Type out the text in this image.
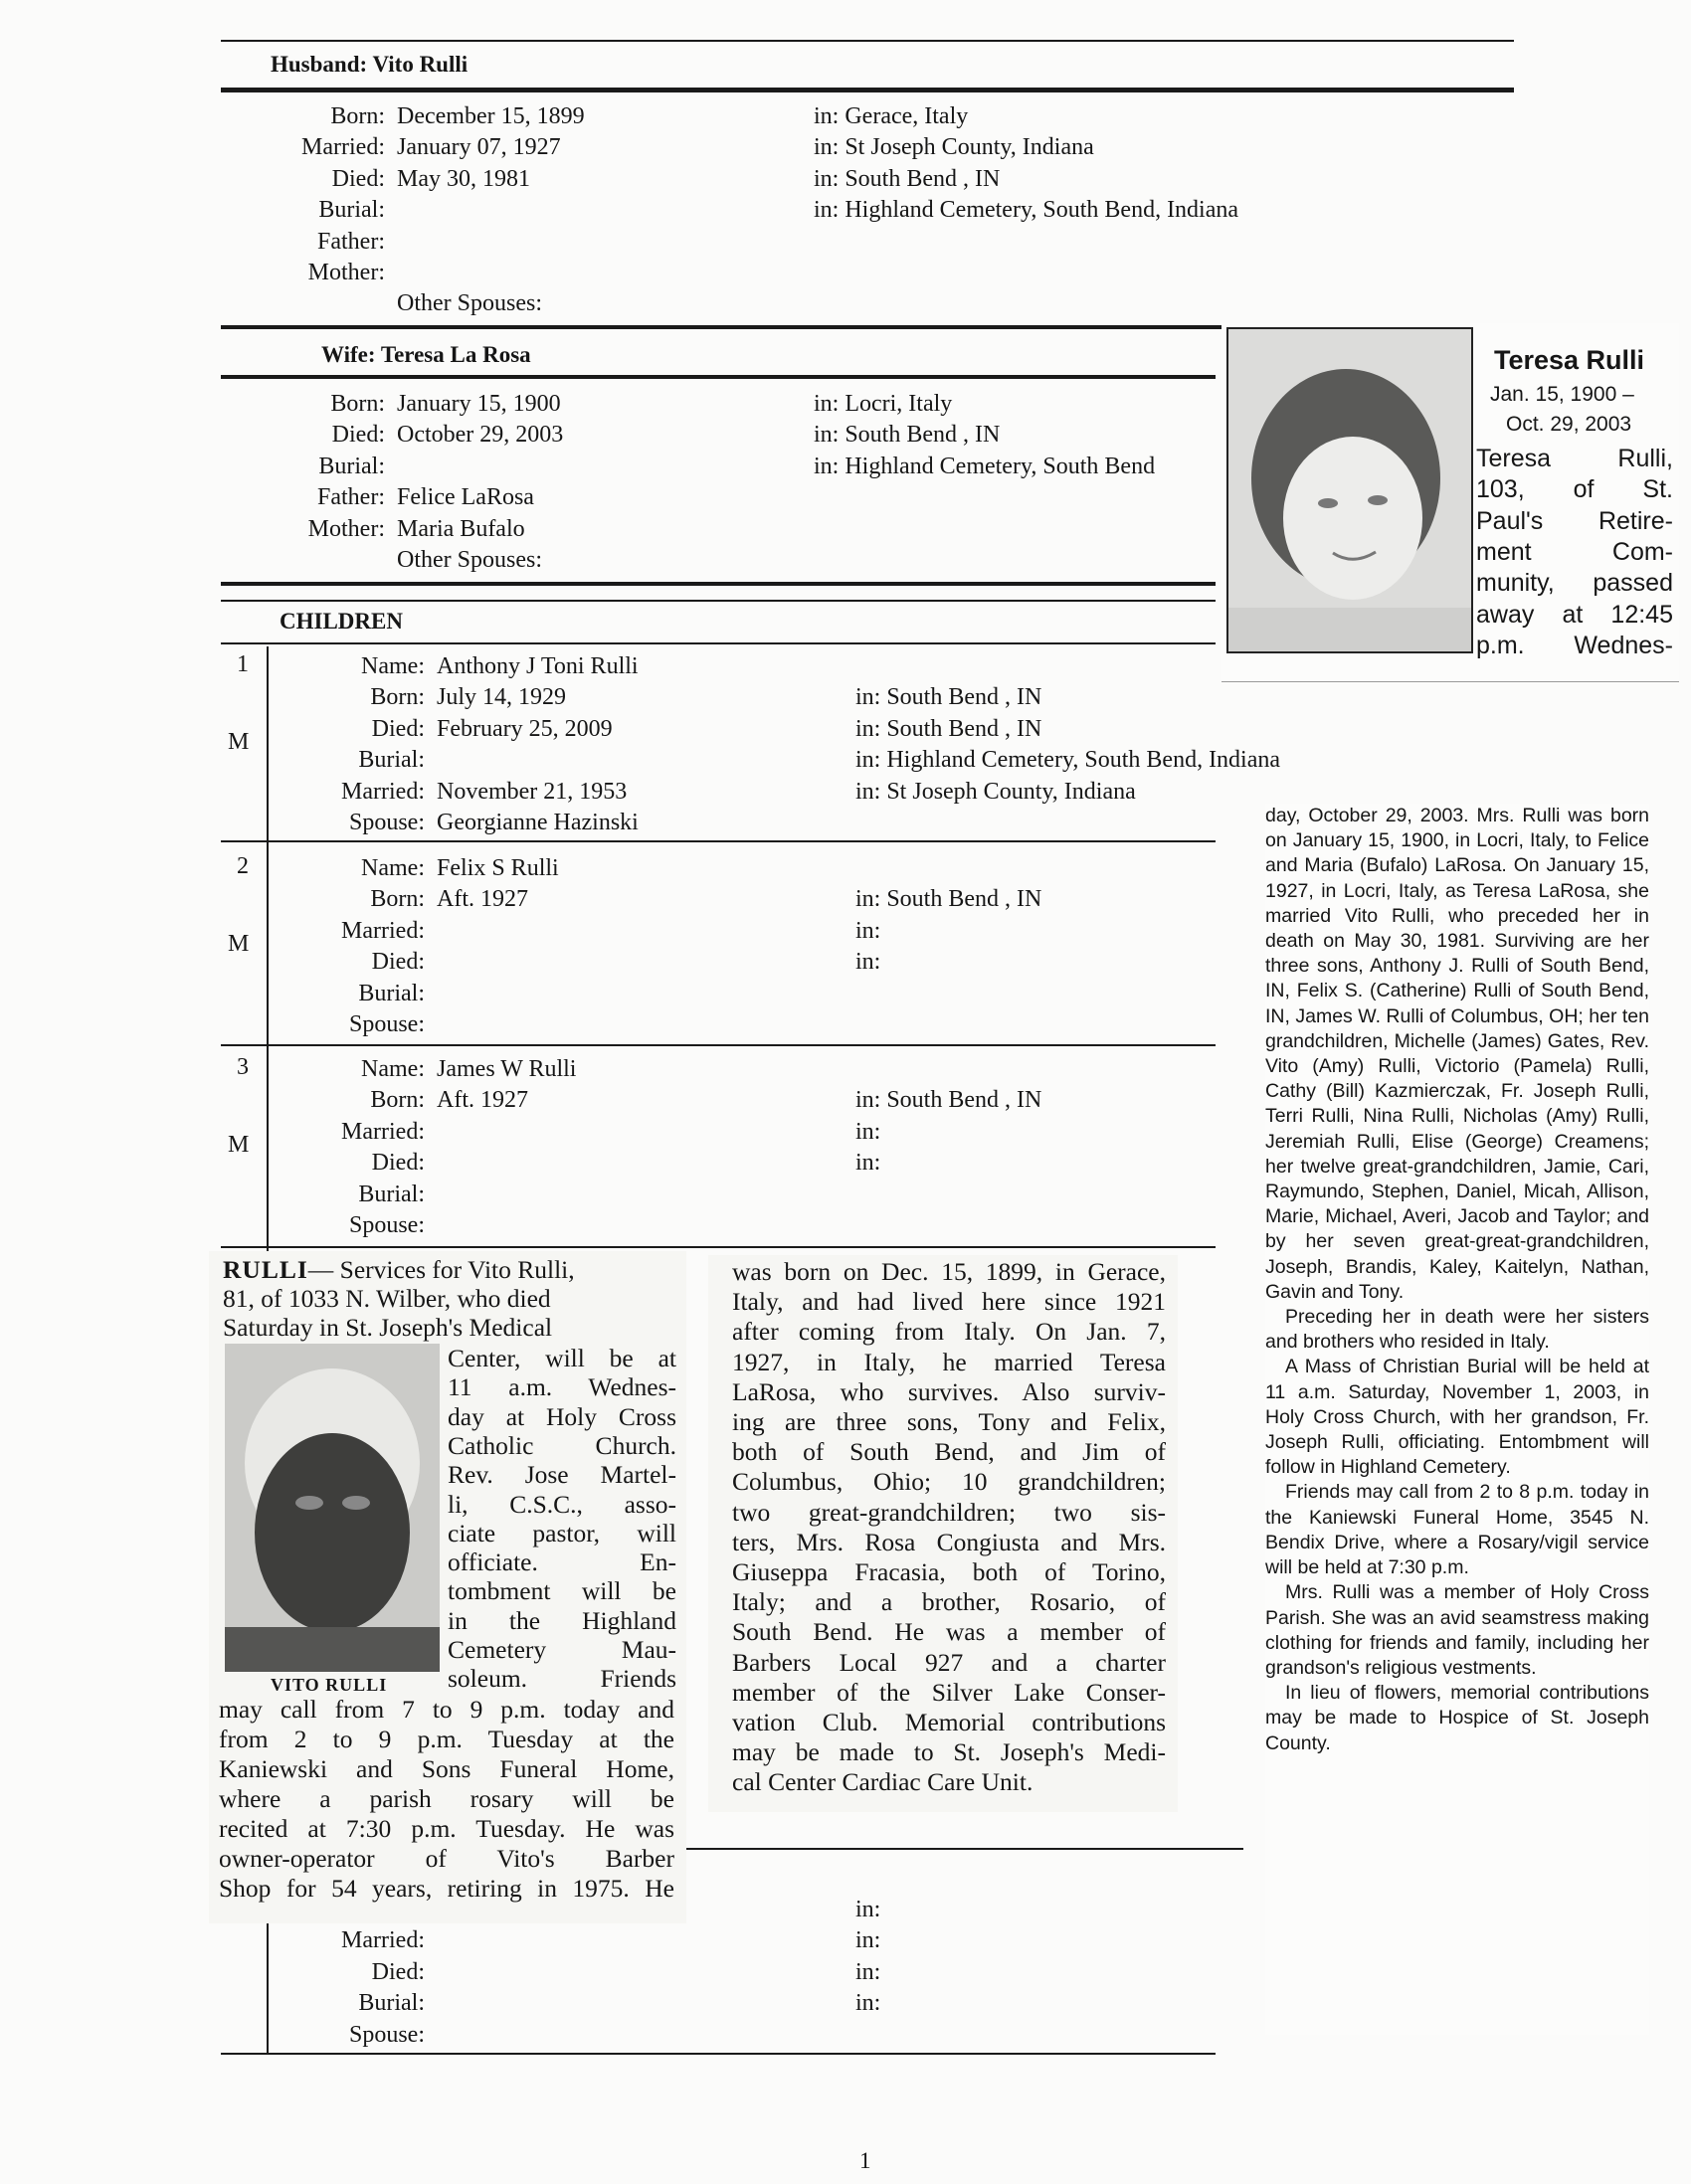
Husband: Vito Rulli
Born: December 15, 1899	in: Gerace, Italy
Married: January 07, 1927	in: St Joseph County, Indiana
Died: May 30, 1981	in: South Bend , IN
Burial:	in: Highland Cemetery, South Bend, Indiana
Father:
Mother:
Other Spouses:
Wife: Teresa La Rosa
Born: January 15, 1900	in: Locri, Italy
Died: October 29, 2003	in: South Bend , IN
Burial:	in: Highland Cemetery, South Bend
Father: Felice LaRosa
Mother: Maria Bufalo
Other Spouses:
CHILDREN
1
M
Name: Anthony J Toni Rulli
Born: July 14, 1929	in: South Bend , IN
Died: February 25, 2009	in: South Bend , IN
Burial:	in: Highland Cemetery, South Bend, Indiana
Married: November 21, 1953	in: St Joseph County, Indiana
Spouse: Georgianne Hazinski
2
M
Name: Felix S Rulli
Born: Aft. 1927	in: South Bend , IN
Married:	in:
Died:	in:
Burial:
Spouse:
3
M
Name: James W Rulli
Born: Aft. 1927	in: South Bend , IN
Married:	in:
Died:	in:
Burial:
Spouse:
in:
Married:	in:
Died:	in:
Burial:	in:
Spouse:
Teresa Rulli
Jan. 15, 1900 –
Oct. 29, 2003
Teresa Rulli,
103, of St.
Paul's Retire-
ment Com-
munity, passed
away at 12:45
p.m. Wednes-
day, October 29, 2003. Mrs. Rulli was born on January 15, 1900, in Locri, Italy, to Felice and Maria (Bufalo) LaRosa. On January 15, 1927, in Locri, Italy, as Teresa LaRosa, she married Vito Rulli, who preceded her in death on May 30, 1981. Surviving are her three sons, Anthony J. Rulli of South Bend, IN, Felix S. (Catherine) Rulli of South Bend, IN, James W. Rulli of Columbus, OH; her ten grandchildren, Michelle (James) Gates, Rev. Vito (Amy) Rulli, Victorio (Pamela) Rulli, Cathy (Bill) Kazmierczak, Fr. Joseph Rulli, Terri Rulli, Nina Rulli, Nicholas (Amy) Rulli, Jeremiah Rulli, Elise (George) Creamens; her twelve great-grandchildren, Jamie, Cari, Raymundo, Stephen, Daniel, Micah, Allison, Marie, Michael, Averi, Jacob and Taylor; and by her seven great-great-grandchildren, Joseph, Brandis, Kaley, Kaitelyn, Nathan, Gavin and Tony.
Preceding her in death were her sisters and brothers who resided in Italy.
A Mass of Christian Burial will be held at 11 a.m. Saturday, November 1, 2003, in Holy Cross Church, with her grandson, Fr. Joseph Rulli, officiating. Entombment will follow in Highland Cemetery.
Friends may call from 2 to 8 p.m. today in the Kaniewski Funeral Home, 3545 N. Bendix Drive, where a Rosary/vigil service will be held at 7:30 p.m.
Mrs. Rulli was a member of Holy Cross Parish. She was an avid seamstress making clothing for friends and family, including her grandson's religious vestments.
In lieu of flowers, memorial contributions may be made to Hospice of St. Joseph County.
RULLI— Services for Vito Rulli,
81, of 1033 N. Wilber, who died
Saturday in St. Joseph's Medical
VITO RULLI
Center, will be at
11 a.m. Wednes-
day at Holy Cross
Catholic Church.
Rev. Jose Martel-
li, C.S.C., asso-
ciate pastor, will
officiate. En-
tombment will be
in the Highland
Cemetery Mau-
soleum. Friends
may call from 7 to 9 p.m. today and
from 2 to 9 p.m. Tuesday at the
Kaniewski and Sons Funeral Home,
where a parish rosary will be
recited at 7:30 p.m. Tuesday. He was
owner-operator of Vito's Barber
Shop for 54 years, retiring in 1975. He
was born on Dec. 15, 1899, in Gerace,
Italy, and had lived here since 1921
after coming from Italy. On Jan. 7,
1927, in Italy, he married Teresa
LaRosa, who survives. Also surviv-
ing are three sons, Tony and Felix,
both of South Bend, and Jim of
Columbus, Ohio; 10 grandchildren;
two great-grandchildren; two sis-
ters, Mrs. Rosa Congiusta and Mrs.
Giuseppa Fracasia, both of Torino,
Italy; and a brother, Rosario, of
South Bend. He was a member of
Barbers Local 927 and a charter
member of the Silver Lake Conser-
vation Club. Memorial contributions
may be made to St. Joseph's Medi-
cal Center Cardiac Care Unit.
1
